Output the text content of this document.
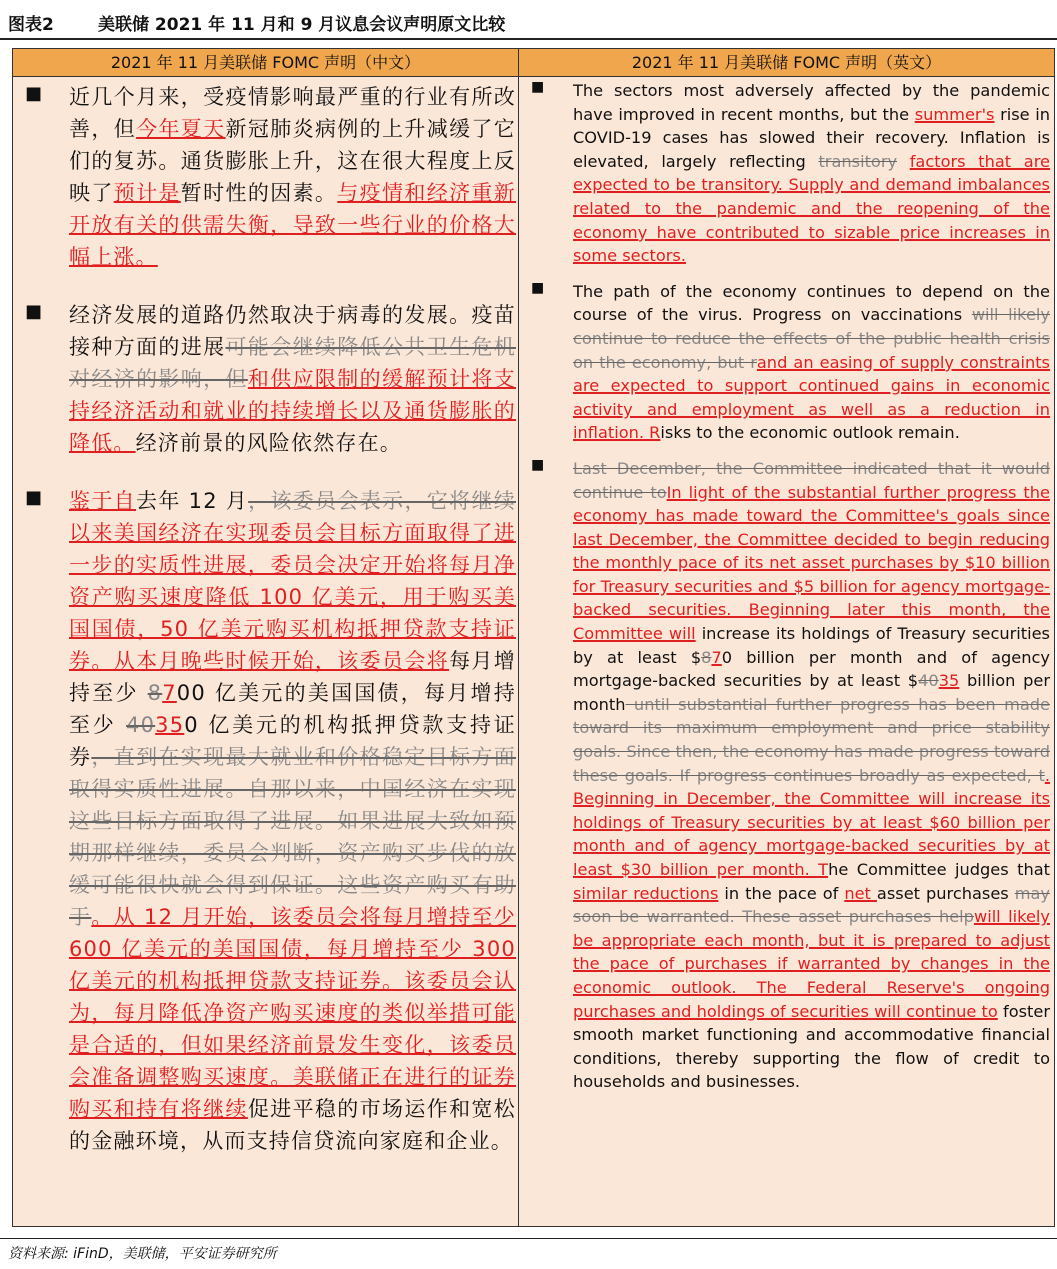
图表2	美联储 2021 年 11 月和 9 月议息会议声明原文比较
2021 年 11 月美联储 FOMC 声明（中文）	2021 年 11 月美联储 FOMC 声明（英文）
■ 近几个月来，受疫情影响最严重的行业有所改善，但今年夏天新冠肺炎病例的上升减缓了它们的复苏。通货膨胀上升，这在很大程度上反映了预计是暂时性的因素。与疫情和经济重新开放有关的供需失衡，导致一些行业的价格大幅上涨。

■ 经济发展的道路仍然取决于病毒的发展。疫苗接种方面的进展可能会继续降低公共卫生危机对经济的影响，但和供应限制的缓解预计将支持经济活动和就业的持续增长以及通货膨胀的降低。经济前景的风险依然存在。

■ 鉴于自去年 12 月，该委员会表示，它将继续以来美国经济在实现委员会目标方面取得了进一步的实质性进展，委员会决定开始将每月净资产购买速度降低 100 亿美元，用于购买美国国债，50 亿美元购买机构抵押贷款支持证券。从本月晚些时候开始，该委员会将每月增持至少 8700 亿美元的美国国债，每月增持至少 40350 亿美元的机构抵押贷款支持证券，直到在实现最大就业和价格稳定目标方面取得实质性进展。自那以来，中国经济在实现这些目标方面取得了进展。如果进展大致如预期那样继续，委员会判断，资产购买步伐的放缓可能很快就会得到保证。这些资产购买有助于。从 12 月开始，该委员会将每月增持至少 600 亿美元的美国国债，每月增持至少 300 亿美元的机构抵押贷款支持证券。该委员会认为，每月降低净资产购买速度的类似举措可能是合适的，但如果经济前景发生变化，该委员会准备调整购买速度。美联储正在进行的证券购买和持有将继续促进平稳的市场运作和宽松的金融环境，从而支持信贷流向家庭和企业。

■ The sectors most adversely affected by the pandemic have improved in recent months, but the summer's rise in COVID-19 cases has slowed their recovery. Inflation is elevated, largely reflecting transitory factors that are expected to be transitory. Supply and demand imbalances related to the pandemic and the reopening of the economy have contributed to sizable price increases in some sectors.

■ The path of the economy continues to depend on the course of the virus. Progress on vaccinations will likely continue to reduce the effects of the public health crisis on the economy, but rand an easing of supply constraints are expected to support continued gains in economic activity and employment as well as a reduction in inflation. Risks to the economic outlook remain.

■ Last December, the Committee indicated that it would continue toIn light of the substantial further progress the economy has made toward the Committee's goals since last December, the Committee decided to begin reducing the monthly pace of its net asset purchases by $10 billion for Treasury securities and $5 billion for agency mortgage-backed securities. Beginning later this month, the Committee will increase its holdings of Treasury securities by at least $870 billion per month and of agency mortgage-backed securities by at least $4035 billion per month until substantial further progress has been made toward its maximum employment and price stability goals. Since then, the economy has made progress toward these goals. If progress continues broadly as expected, t. Beginning in December, the Committee will increase its holdings of Treasury securities by at least $60 billion per month and of agency mortgage-backed securities by at least $30 billion per month. The Committee judges that similar reductions in the pace of net asset purchases may soon be warranted. These asset purchases helpwill likely be appropriate each month, but it is prepared to adjust the pace of purchases if warranted by changes in the economic outlook. The Federal Reserve's ongoing purchases and holdings of securities will continue to foster smooth market functioning and accommodative financial conditions, thereby supporting the flow of credit to households and businesses.

资料来源: iFinD，美联储，平安证券研究所
